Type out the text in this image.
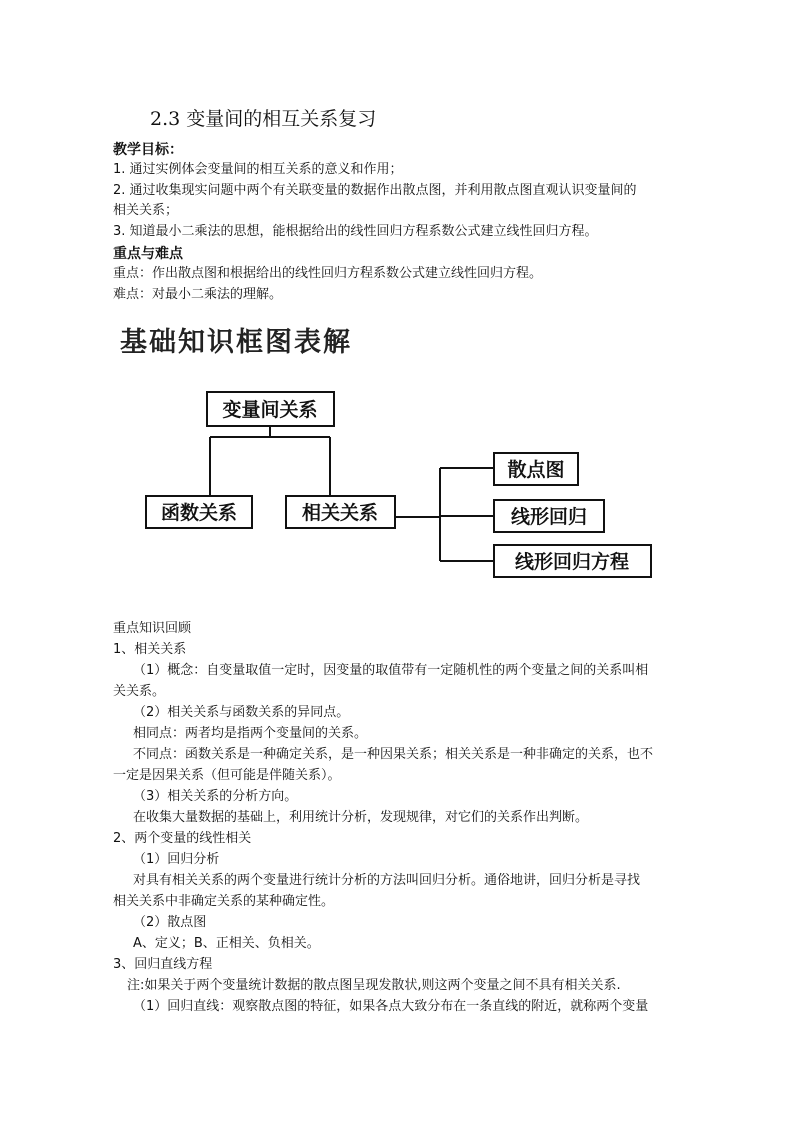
2.3 变量间的相互关系复习
教学目标：
1. 通过实例体会变量间的相互关系的意义和作用；
2. 通过收集现实问题中两个有关联变量的数据作出散点图，并利用散点图直观认识变量间的
相关关系；
3. 知道最小二乘法的思想，能根据给出的线性回归方程系数公式建立线性回归方程。
重点与难点
重点：作出散点图和根据给出的线性回归方程系数公式建立线性回归方程。
难点：对最小二乘法的理解。
基础知识框图表解
变量间关系
函数关系	相关关系
散点图
线形回归
线形回归方程
重点知识回顾
1、相关关系
（1）概念：自变量取值一定时，因变量的取值带有一定随机性的两个变量之间的关系叫相
关关系。
（2）相关关系与函数关系的异同点。
相同点：两者均是指两个变量间的关系。
不同点：函数关系是一种确定关系，是一种因果关系；相关关系是一种非确定的关系，也不
一定是因果关系（但可能是伴随关系）。
（3）相关关系的分析方向。
在收集大量数据的基础上，利用统计分析，发现规律，对它们的关系作出判断。
2、两个变量的线性相关
（1）回归分析
对具有相关关系的两个变量进行统计分析的方法叫回归分析。通俗地讲，回归分析是寻找
相关关系中非确定关系的某种确定性。
（2）散点图
A、定义；B、正相关、负相关。
3、回归直线方程
注:如果关于两个变量统计数据的散点图呈现发散状,则这两个变量之间不具有相关关系.
（1）回归直线：观察散点图的特征，如果各点大致分布在一条直线的附近，就称两个变量
